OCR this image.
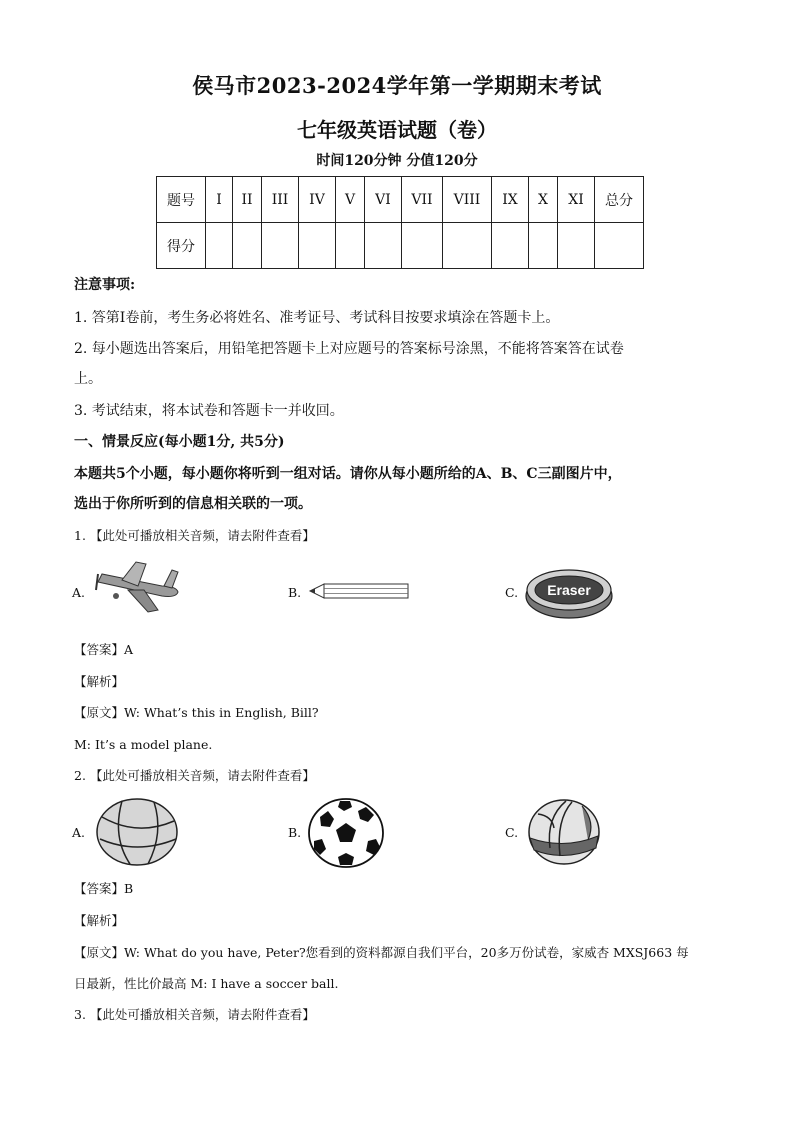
侯马市2023-2024学年第一学期期末考试
七年级英语试题（卷）
时间120分钟 分值120分
题号	I	II	III	IV	V	VI	VII	VIII	IX	X	XI	总分
得分												
注意事项:
1. 答第I卷前，考生务必将姓名、准考证号、考试科目按要求填涂在答题卡上。
2. 每小题选出答案后，用铅笔把答题卡上对应题号的答案标号涂黑，不能将答案答在试卷
上。
3. 考试结束，将本试卷和答题卡一并收回。
一、情景反应(每小题1分, 共5分)
本题共5个小题，每小题你将听到一组对话。请你从每小题所给的A、B、C三副图片中，
选出于你所听到的信息相关联的一项。
1. 【此处可播放相关音频，请去附件查看】
A.	B.	C. Eraser
【答案】A
【解析】
【原文】W: What’s this in English, Bill?
M: It’s a model plane.
2. 【此处可播放相关音频，请去附件查看】
A.	B.	C.
【答案】B
【解析】
【原文】W: What do you have, Peter?您看到的资料都源自我们平台，20多万份试卷，家威杏 MXSJ663 每
日最新，性比价最高 M: I have a soccer ball.
3. 【此处可播放相关音频，请去附件查看】
